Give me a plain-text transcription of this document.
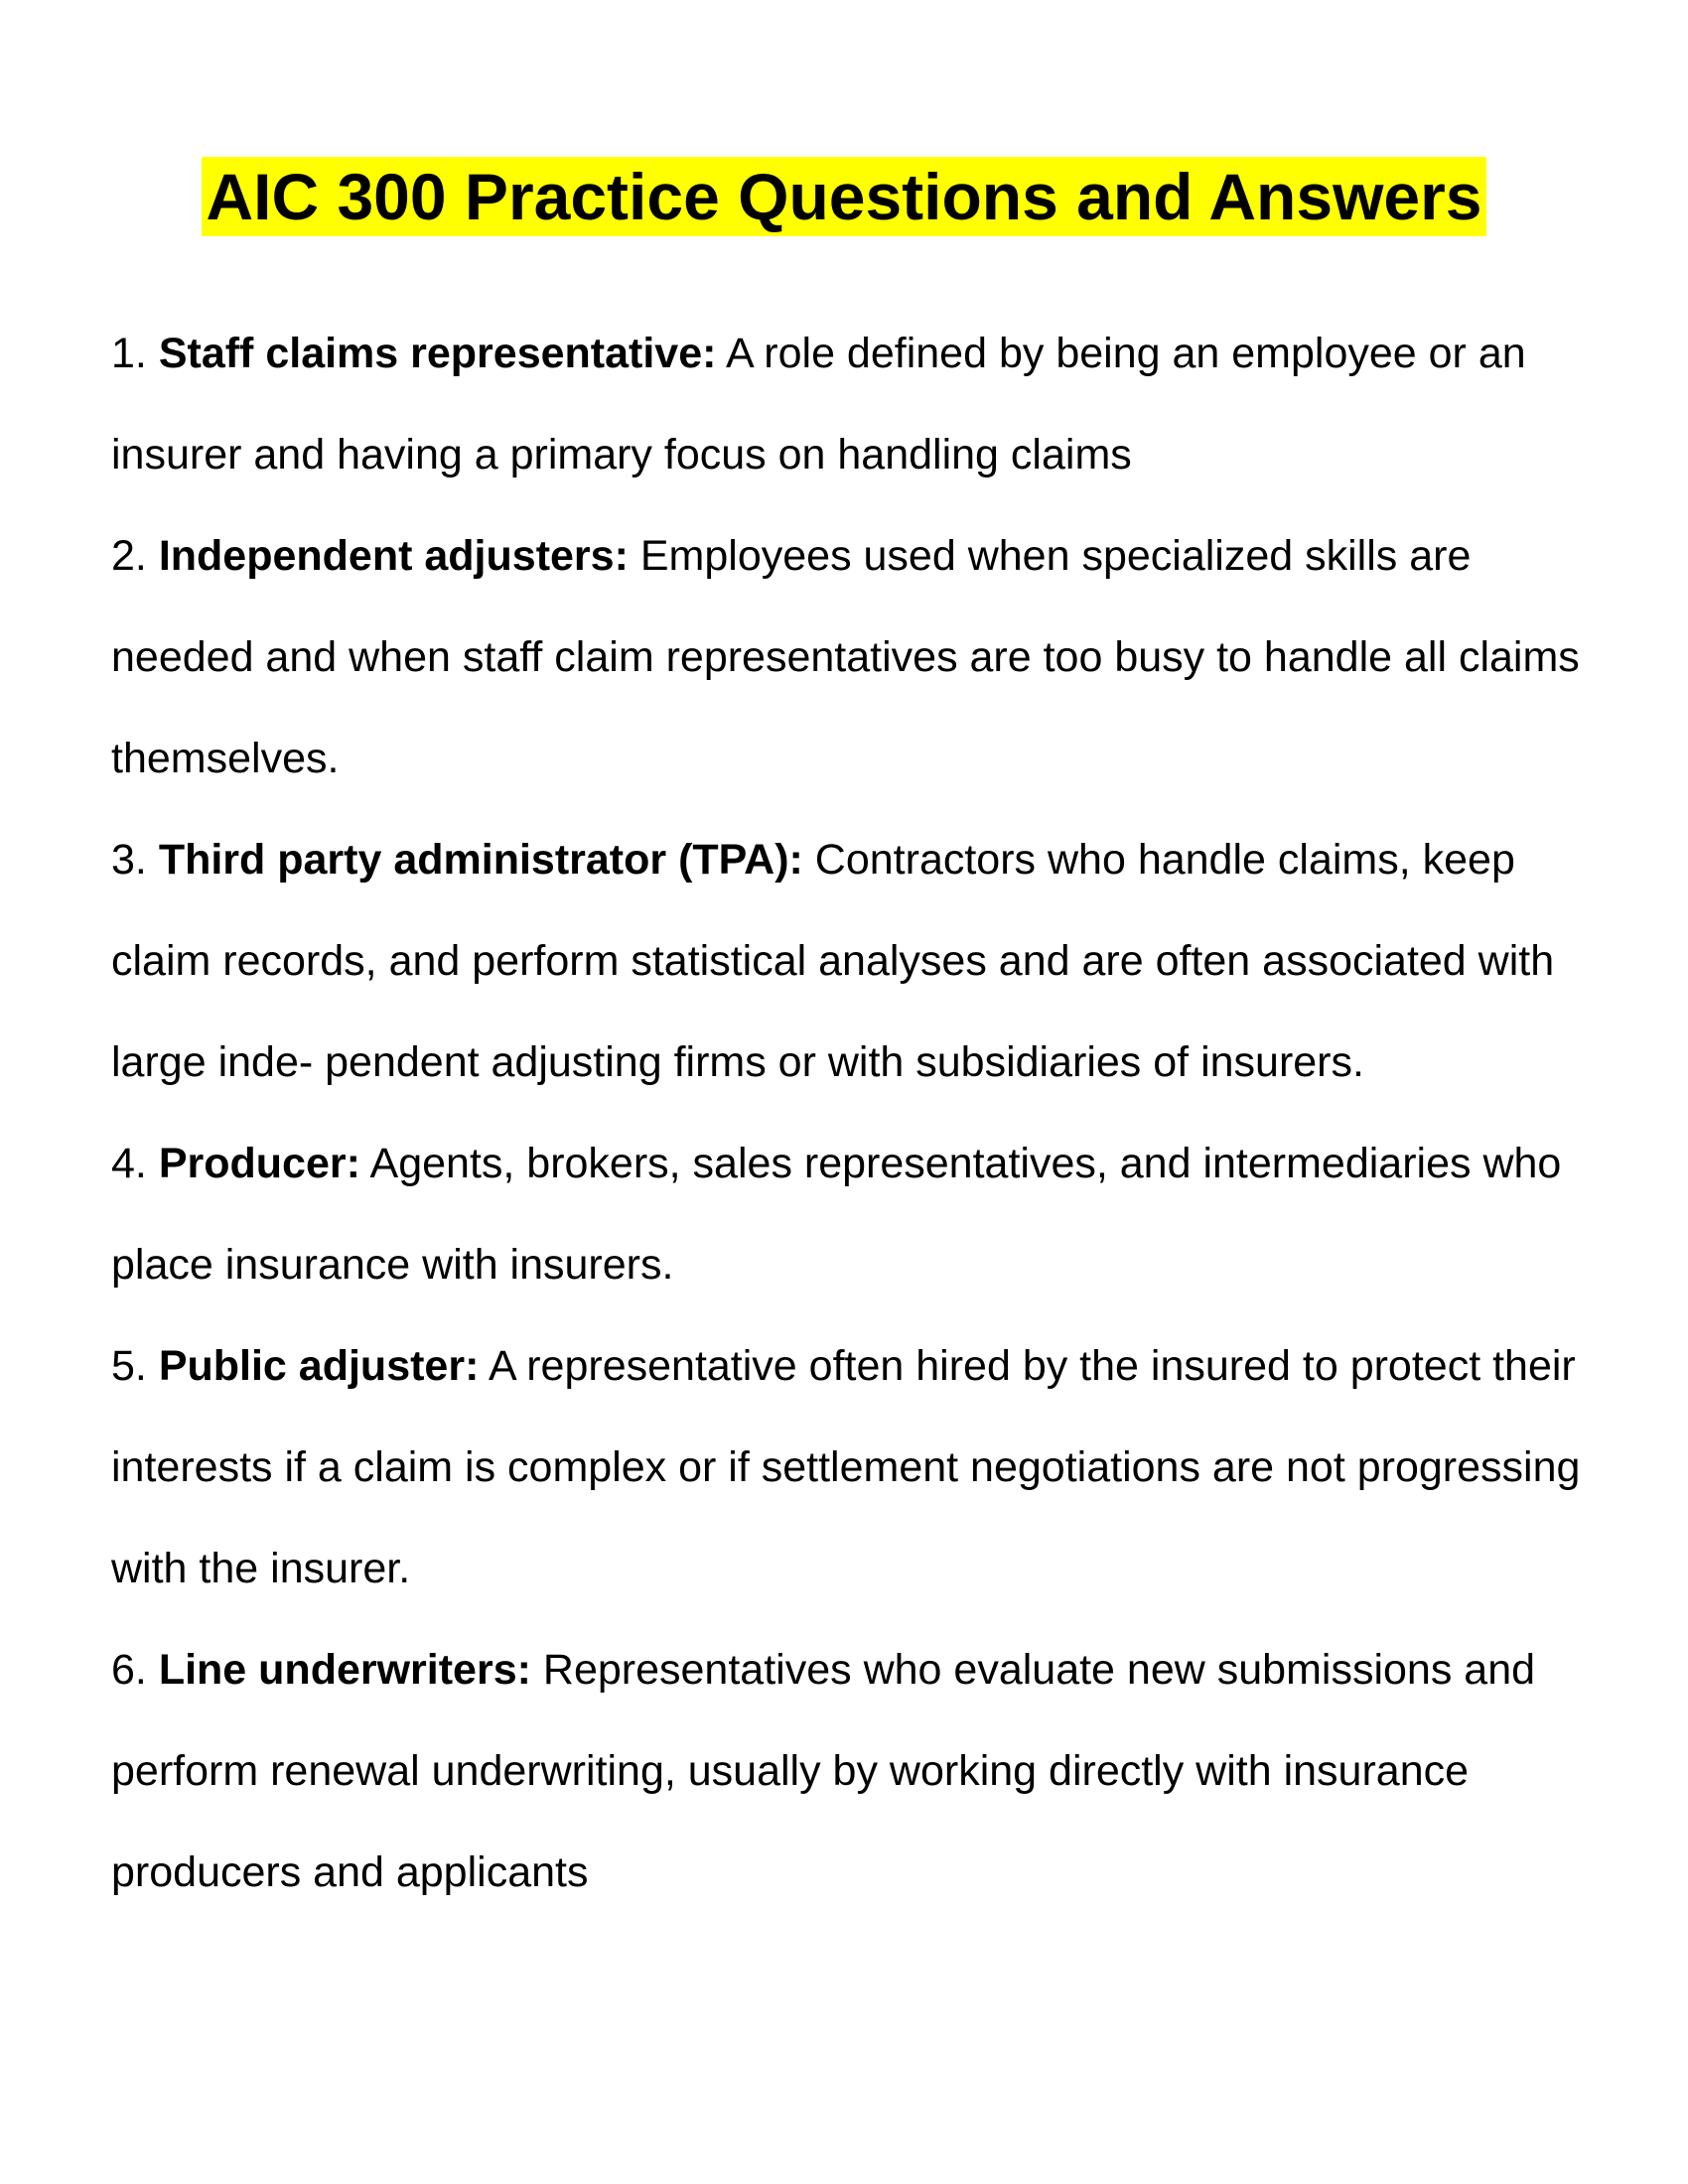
AIC 300 Practice Questions and Answers
1. Staff claims representative: A role defined by being an employee or an insurer and having a primary focus on handling claims
2. Independent adjusters: Employees used when specialized skills are needed and when staff claim representatives are too busy to handle all claims themselves.
3. Third party administrator (TPA): Contractors who handle claims, keep claim records, and perform statistical analyses and are often associated with large inde- pendent adjusting firms or with subsidiaries of insurers.
4. Producer: Agents, brokers, sales representatives, and intermediaries who place insurance with insurers.
5. Public adjuster: A representative often hired by the insured to protect their interests if a claim is complex or if settlement negotiations are not progressing with the insurer.
6. Line underwriters: Representatives who evaluate new submissions and perform renewal underwriting, usually by working directly with insurance producers and applicants
